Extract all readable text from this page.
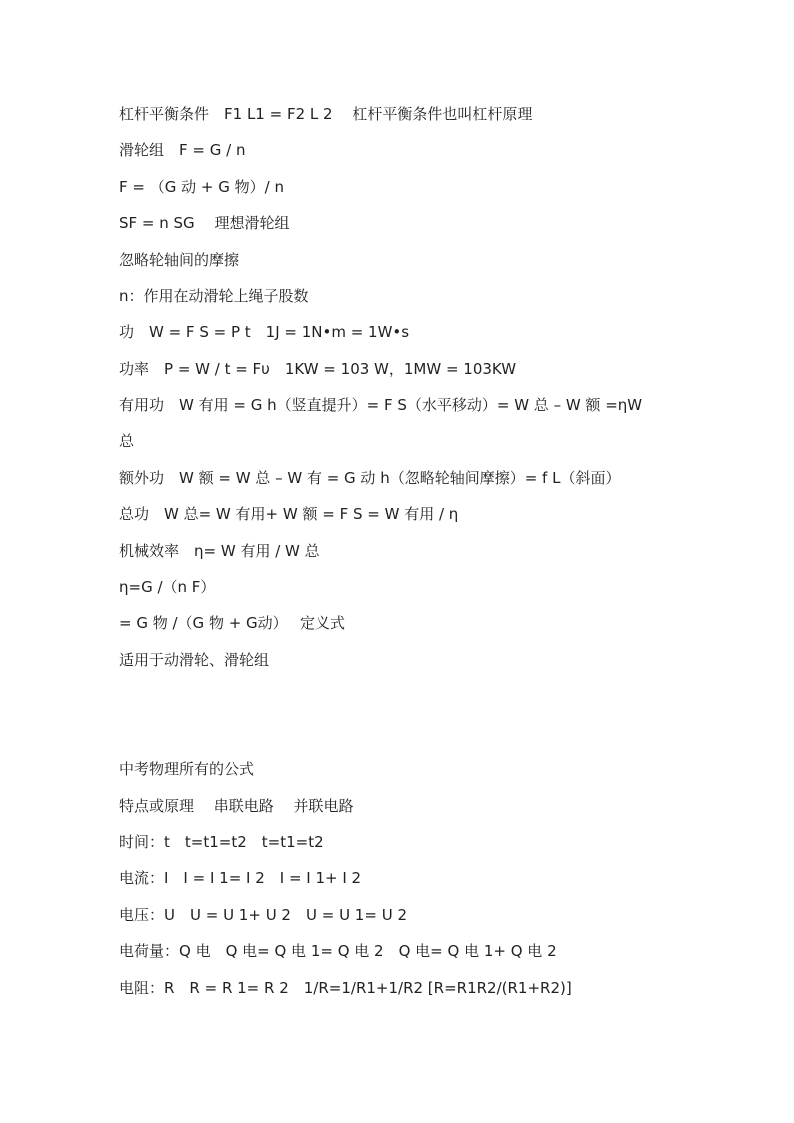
杠杆平衡条件　F1 L1 = F2 L 2　 杠杆平衡条件也叫杠杆原理
滑轮组　F = G / n
F = （G 动 + G 物）/ n
SF = n SG　 理想滑轮组
忽略轮轴间的摩擦
n：作用在动滑轮上绳子股数
功　W = F S = P t　1J = 1N•m = 1W•s
功率　P = W / t = Fυ　1KW = 103 W，1MW = 103KW
有用功　W 有用 = G h（竖直提升）= F S（水平移动）= W 总 – W 额 =ηW
总
额外功　W 额 = W 总 – W 有 = G 动 h（忽略轮轴间摩擦）= f L（斜面）
总功　W 总= W 有用+ W 额 = F S = W 有用 / η
机械效率　η= W 有用 / W 总
η=G /（n F）
= G 物 /（G 物 + G动）　 定义式
适用于动滑轮、滑轮组
中考物理所有的公式
特点或原理　 串联电路　 并联电路
时间：t　t=t1=t2　t=t1=t2
电流：I　I = I 1= I 2　I = I 1+ I 2
电压：U　U = U 1+ U 2　U = U 1= U 2
电荷量：Q 电　Q 电= Q 电 1= Q 电 2　Q 电= Q 电 1+ Q 电 2
电阻：R　R = R 1= R 2　1/R=1/R1+1/R2 [R=R1R2/(R1+R2)]
